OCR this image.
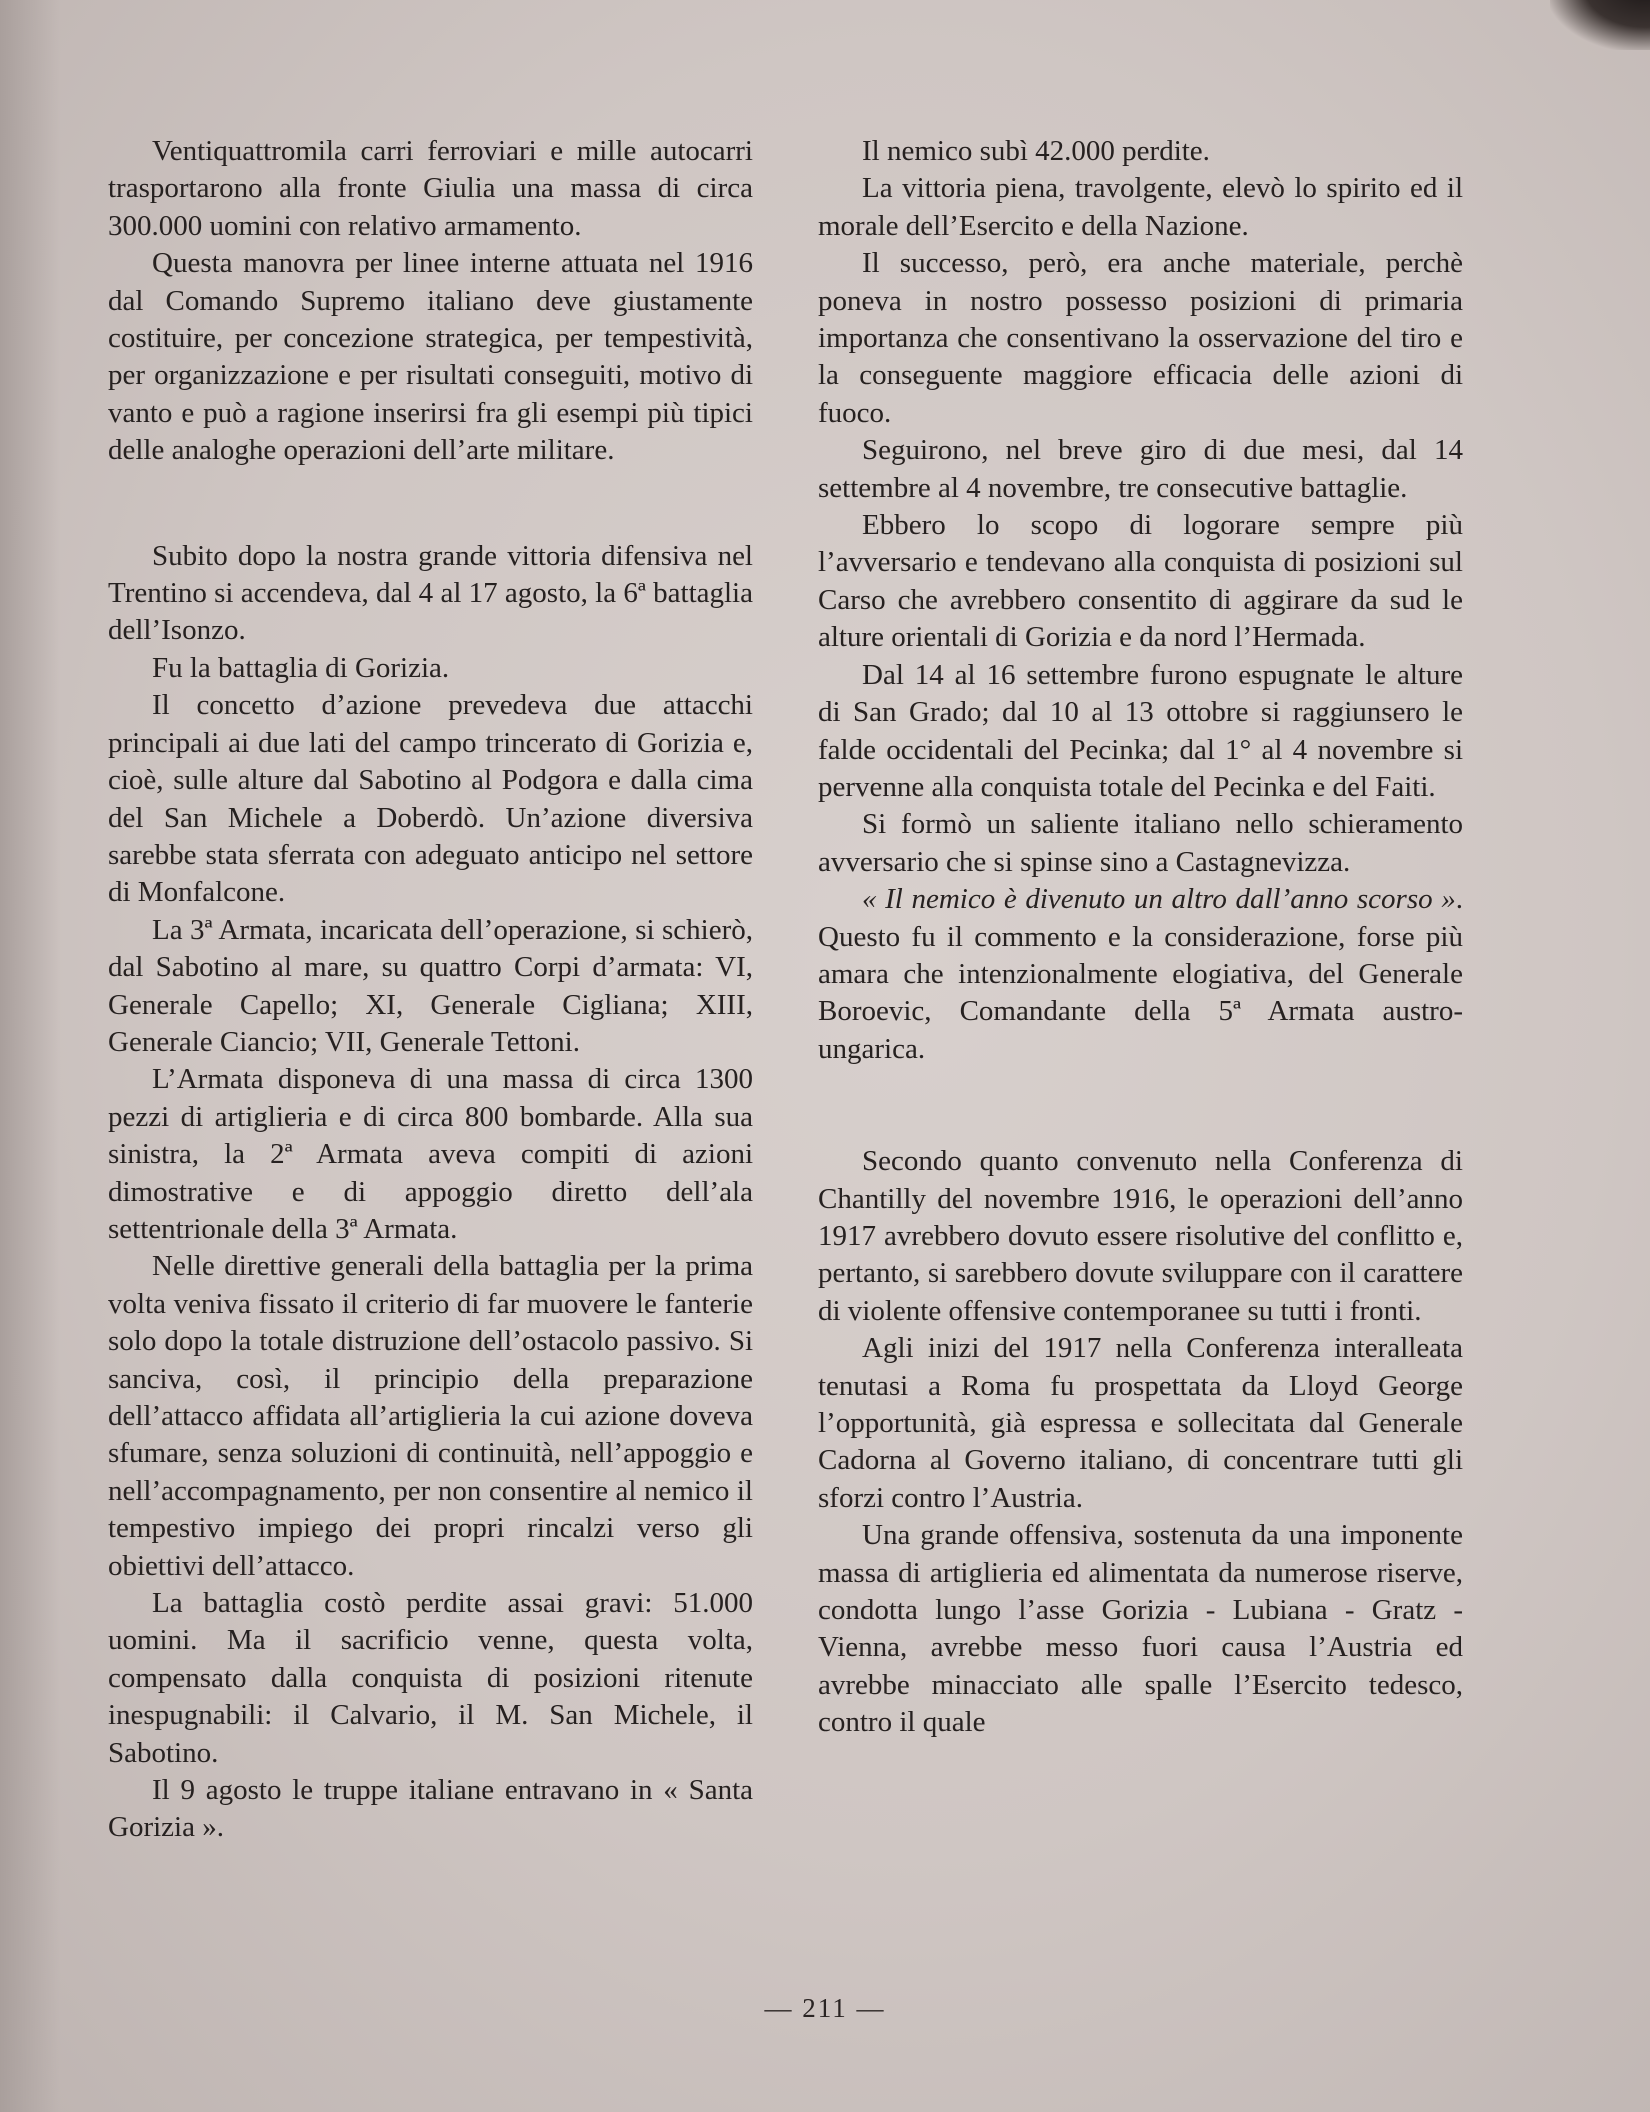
Ventiquattromila carri ferroviari e mille autocarri trasportarono alla fronte Giulia una massa di circa 300.000 uomini con relativo armamento.

Questa manovra per linee interne attuata nel 1916 dal Comando Supremo italiano deve giustamente costituire, per concezione strategica, per tempestività, per organizzazione e per risultati conseguiti, motivo di vanto e può a ragione inserirsi fra gli esempi più tipici delle analoghe operazioni dell’arte militare.

Subito dopo la nostra grande vittoria difensiva nel Trentino si accendeva, dal 4 al 17 agosto, la 6ª battaglia dell’Isonzo.

Fu la battaglia di Gorizia.

Il concetto d’azione prevedeva due attacchi principali ai due lati del campo trincerato di Gorizia e, cioè, sulle alture dal Sabotino al Podgora e dalla cima del San Michele a Doberdò. Un’azione diversiva sarebbe stata sferrata con adeguato anticipo nel settore di Monfalcone.

La 3ª Armata, incaricata dell’operazione, si schierò, dal Sabotino al mare, su quattro Corpi d’armata: VI, Generale Capello; XI, Generale Cigliana; XIII, Generale Ciancio; VII, Generale Tettoni.

L’Armata disponeva di una massa di circa 1300 pezzi di artiglieria e di circa 800 bombarde. Alla sua sinistra, la 2ª Armata aveva compiti di azioni dimostrative e di appoggio diretto dell’ala settentrionale della 3ª Armata.

Nelle direttive generali della battaglia per la prima volta veniva fissato il criterio di far muovere le fanterie solo dopo la totale distruzione dell’ostacolo passivo. Si sanciva, così, il principio della preparazione dell’attacco affidata all’artiglieria la cui azione doveva sfumare, senza soluzioni di continuità, nell’appoggio e nell’accompagnamento, per non consentire al nemico il tempestivo impiego dei propri rincalzi verso gli obiettivi dell’attacco.

La battaglia costò perdite assai gravi: 51.000 uomini. Ma il sacrificio venne, questa volta, compensato dalla conquista di posizioni ritenute inespugnabili: il Calvario, il M. San Michele, il Sabotino.

Il 9 agosto le truppe italiane entravano in « Santa Gorizia ».

Il nemico subì 42.000 perdite.

La vittoria piena, travolgente, elevò lo spirito ed il morale dell’Esercito e della Nazione.

Il successo, però, era anche materiale, perchè poneva in nostro possesso posizioni di primaria importanza che consentivano la osservazione del tiro e la conseguente maggiore efficacia delle azioni di fuoco.

Seguirono, nel breve giro di due mesi, dal 14 settembre al 4 novembre, tre consecutive battaglie.

Ebbero lo scopo di logorare sempre più l’avversario e tendevano alla conquista di posizioni sul Carso che avrebbero consentito di aggirare da sud le alture orientali di Gorizia e da nord l’Hermada.

Dal 14 al 16 settembre furono espugnate le alture di San Grado; dal 10 al 13 ottobre si raggiunsero le falde occidentali del Pecinka; dal 1° al 4 novembre si pervenne alla conquista totale del Pecinka e del Faiti.

Si formò un saliente italiano nello schieramento avversario che si spinse sino a Castagnevizza.

« Il nemico è divenuto un altro dall’anno scorso ». Questo fu il commento e la considerazione, forse più amara che intenzionalmente elogiativa, del Generale Boroevic, Comandante della 5ª Armata austro-ungarica.

Secondo quanto convenuto nella Conferenza di Chantilly del novembre 1916, le operazioni dell’anno 1917 avrebbero dovuto essere risolutive del conflitto e, pertanto, si sarebbero dovute sviluppare con il carattere di violente offensive contemporanee su tutti i fronti.

Agli inizi del 1917 nella Conferenza interalleata tenutasi a Roma fu prospettata da Lloyd George l’opportunità, già espressa e sollecitata dal Generale Cadorna al Governo italiano, di concentrare tutti gli sforzi contro l’Austria.

Una grande offensiva, sostenuta da una imponente massa di artiglieria ed alimentata da numerose riserve, condotta lungo l’asse Gorizia - Lubiana - Gratz - Vienna, avrebbe messo fuori causa l’Austria ed avrebbe minacciato alle spalle l’Esercito tedesco, contro il quale

— 211 —
